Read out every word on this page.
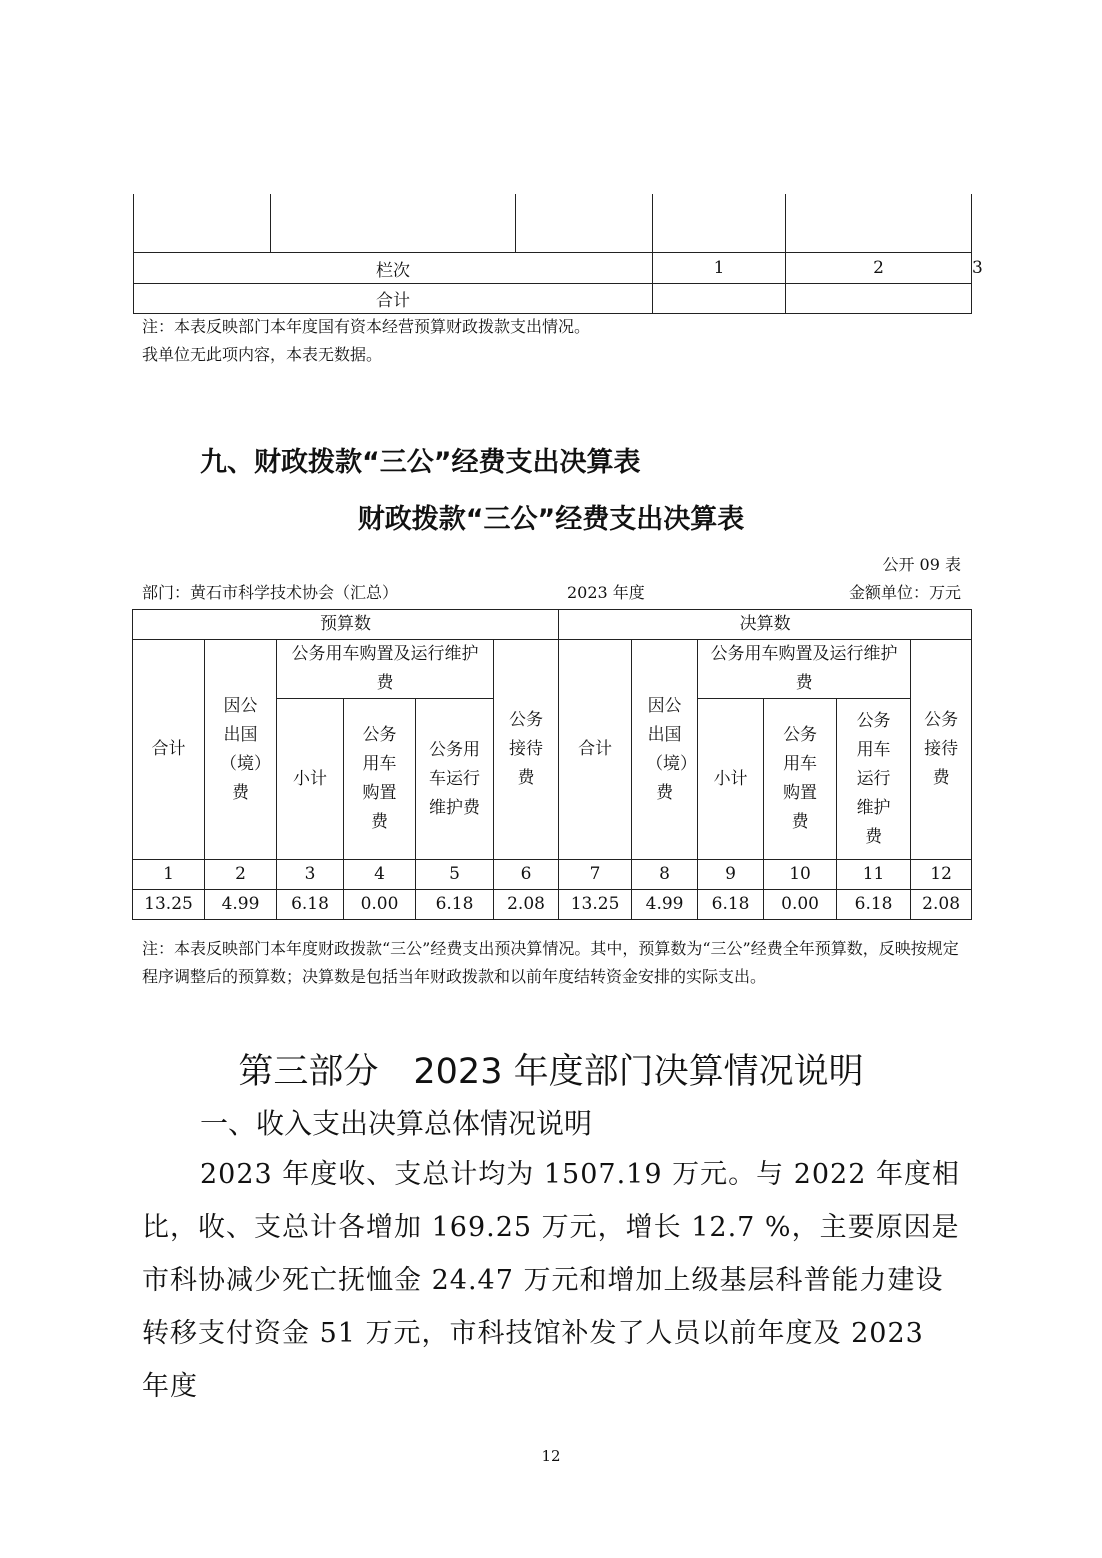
栏次			1	2	3
合计					
注：本表反映部门本年度国有资本经营预算财政拨款支出情况。
我单位无此项内容，本表无数据。
九、财政拨款“三公”经费支出决算表
财政拨款“三公”经费支出决算表
公开 09 表
部门：黄石市科学技术协会（汇总）	2023 年度	金额单位：万元
预算数						决算数					
合计	因公出国（境）费	公务用车购置及运行维护费			公务接待费	合计	因公出国（境）费	公务用车购置及运行维护费			公务接待费
		小计	公务用车购置费	公务用车运行维护费				小计	公务用车购置费	公务用车运行维护费	
1	2	3	4	5	6	7	8	9	10	11	12
13.25	4.99	6.18	0.00	6.18	2.08	13.25	4.99	6.18	0.00	6.18	2.08
注：本表反映部门本年度财政拨款“三公”经费支出预决算情况。其中，预算数为“三公”经费全年预算数，反映按规定程序调整后的预算数；决算数是包括当年财政拨款和以前年度结转资金安排的实际支出。
第三部分　2023 年度部门决算情况说明
一、收入支出决算总体情况说明
2023 年度收、支总计均为 1507.19 万元。与 2022 年度相比，收、支总计各增加 169.25 万元，增长 12.7 %，主要原因是市科协减少死亡抚恤金 24.47 万元和增加上级基层科普能力建设转移支付资金 51 万元，市科技馆补发了人员以前年度及 2023 年度
12
